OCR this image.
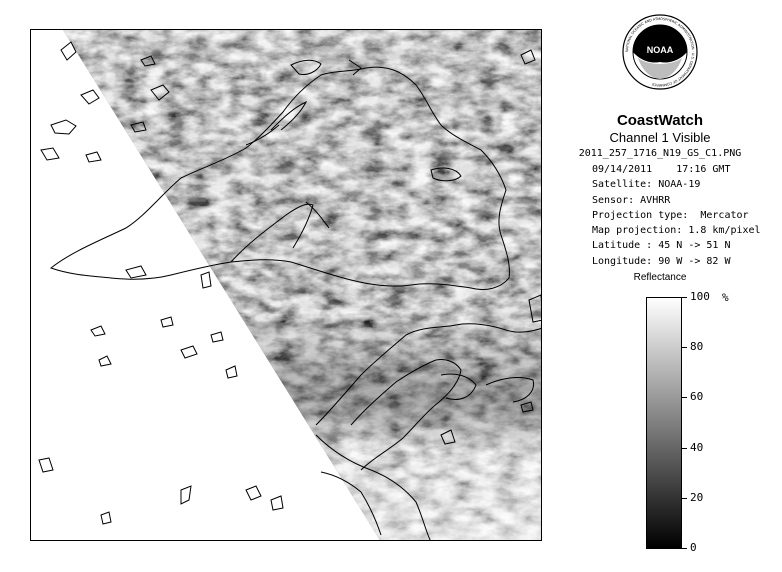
NOAA
NATIONAL OCEANIC AND ATMOSPHERIC ADMINISTRATION · U.S. DEPARTMENT OF COMMERCE
CoastWatch
Channel 1 Visible
2011_257_1716_N19_GS_C1.PNG
09/14/2011    17:16 GMT
Satellite: NOAA-19
Sensor: AVHRR
Projection type:  Mercator
Map projection: 1.8 km/pixel
Latitude : 45 N -> 51 N
Longitude: 90 W -> 82 W
Reflectance
%
100
80
60
40
20
0
